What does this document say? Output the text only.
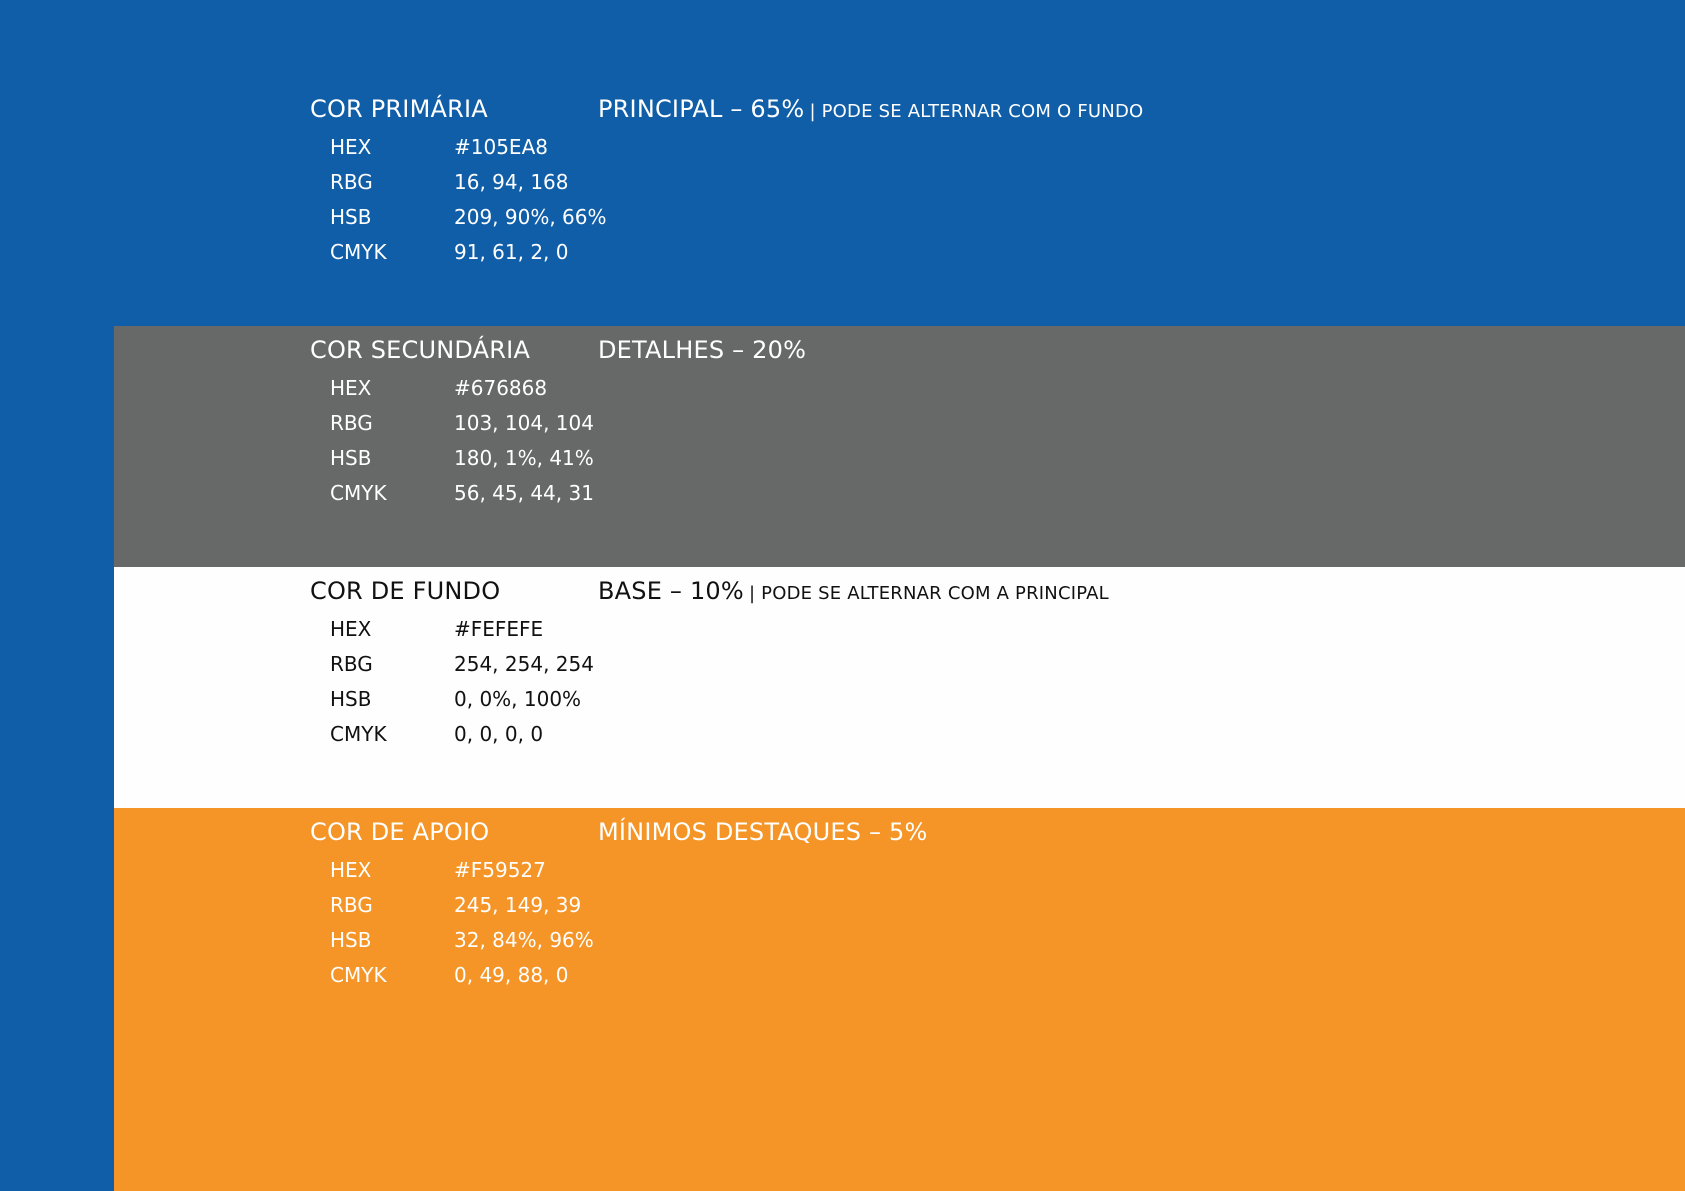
COR PRIMÁRIA	PRINCIPAL – 65% | PODE SE ALTERNAR COM O FUNDO
HEX	#105EA8
RBG	16, 94, 168
HSB	209, 90%, 66%
CMYK	91, 61, 2, 0
COR SECUNDÁRIA	DETALHES – 20%
HEX	#676868
RBG	103, 104, 104
HSB	180, 1%, 41%
CMYK	56, 45, 44, 31
COR DE FUNDO	BASE – 10% | PODE SE ALTERNAR COM A PRINCIPAL
HEX	#FEFEFE
RBG	254, 254, 254
HSB	0, 0%, 100%
CMYK	0, 0, 0, 0
COR DE APOIO	MÍNIMOS DESTAQUES – 5%
HEX	#F59527
RBG	245, 149, 39
HSB	32, 84%, 96%
CMYK	0, 49, 88, 0
